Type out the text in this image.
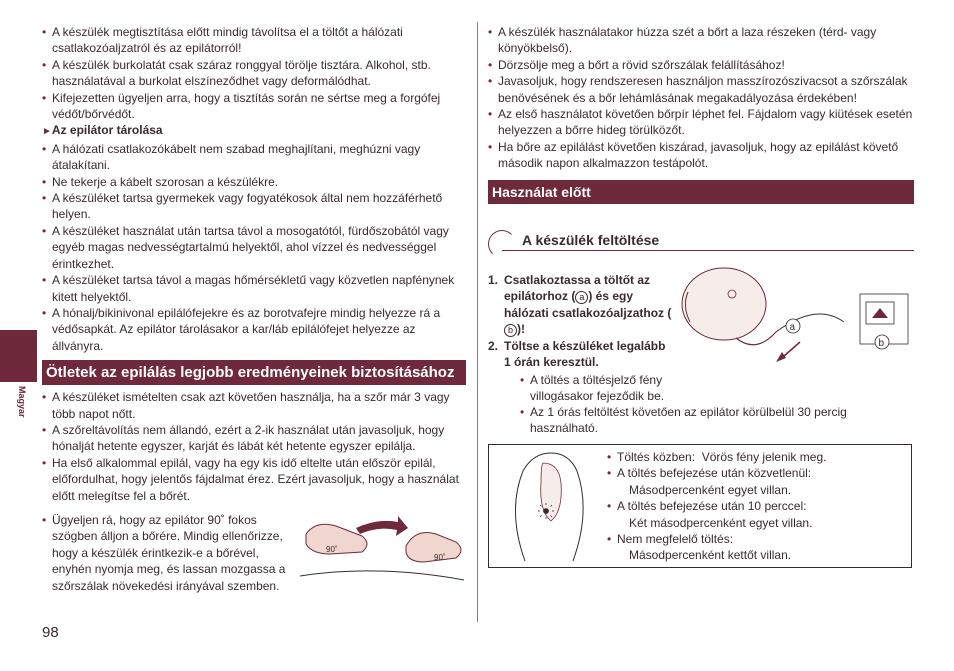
Magyar

• A készülék megtisztítása előtt mindig távolítsa el a töltőt a hálózati csatlakozóaljzatról és az epilátorról!

• A készülék burkolatát csak száraz ronggyal törölje tisztára. Alkohol, stb. használatával a burkolat elszíneződhet vagy deformálódhat.

• Kifejezetten ügyeljen arra, hogy a tisztítás során ne sértse meg a forgófej védőt/bőrvédőt.

►Az epilátor tárolása

• A hálózati csatlakozókábelt nem szabad meghajlítani, meghúzni vagy átalakítani.

• Ne tekerje a kábelt szorosan a készülékre.

• A készüléket tartsa gyermekek vagy fogyatékosok által nem hozzáférhető helyen.

• A készüléket használat után tartsa távol a mosogatótól, fürdőszobától vagy egyéb magas nedvességtartalmú helyektől, ahol vízzel és nedvességgel érintkezhet.

• A készüléket tartsa távol a magas hőmérsékletű vagy közvetlen napfénynek kitett helyektől.

• A hónalj/bikinivonal epilálófejekre és az borotvafejre mindig helyezze rá a védősapkát. Az epilátor tárolásakor a kar/láb epilálófejet helyezze az állványra.

Ötletek az epilálás legjobb eredményeinek biztosításához

• A készüléket ismételten csak azt követően használja, ha a szőr már 3 vagy több napot nőtt.

• A szőreltávolítás nem állandó, ezért a 2-ik használat után javasoljuk, hogy hónalját hetente egyszer, karját és lábát két hetente egyszer epilálja.

• Ha első alkalommal epilál, vagy ha egy kis idő eltelte után először epilál, előfordulhat, hogy jelentős fájdalmat érez. Ezért javasoljuk, hogy a használat előtt melegítse fel a bőrét.

• Ügyeljen rá, hogy az epilátor 90˚ fokos szögben álljon a bőrére. Mindig ellenőrizze, hogy a készülék érintkezik-e a bőrével, enyhén nyomja meg, és lassan mozgassa a szőrszálak növekedési irányával szemben.

90˚
90˚
98

• A készülék használatakor húzza szét a bőrt a laza részeken (térd- vagy könyökbelső).

• Dörzsölje meg a bőrt a rövid szőrszálak felállításához!

• Javasoljuk, hogy rendszeresen használjon masszírozószivacsot a szőrszálak benövésének és a bőr lehámlásának megakadályozása érdekében!

• Az első használatot követően bőrpír léphet fel. Fájdalom vagy kiütések esetén helyezzen a bőrre hideg törülközőt.

• Ha bőre az epilálást követően kiszárad, javasoljuk, hogy az epilálást követő második napon alkalmazzon testápolót.

Használat előtt
A készülék feltöltése
1. Csatlakoztassa a töltőt az epilátorhoz ( a ) és egy hálózati csatlakozóaljzathoz (b )!
2. Töltse a készüléket legalább 1 órán keresztül.

• A töltés a töltésjelző fény villogásakor fejeződik be.

• Az 1 órás feltöltést követően az epilátor körülbelül 30 percig használható.

a
b

• Töltés közben: Vörös fény jelenik meg.

• A töltés befejezése után közvetlenül:

Másodpercenként egyet villan.

• A töltés befejezése után 10 perccel:

Két másodpercenként egyet villan.

• Nem megfelelő töltés:

Másodpercenként kettőt villan.
